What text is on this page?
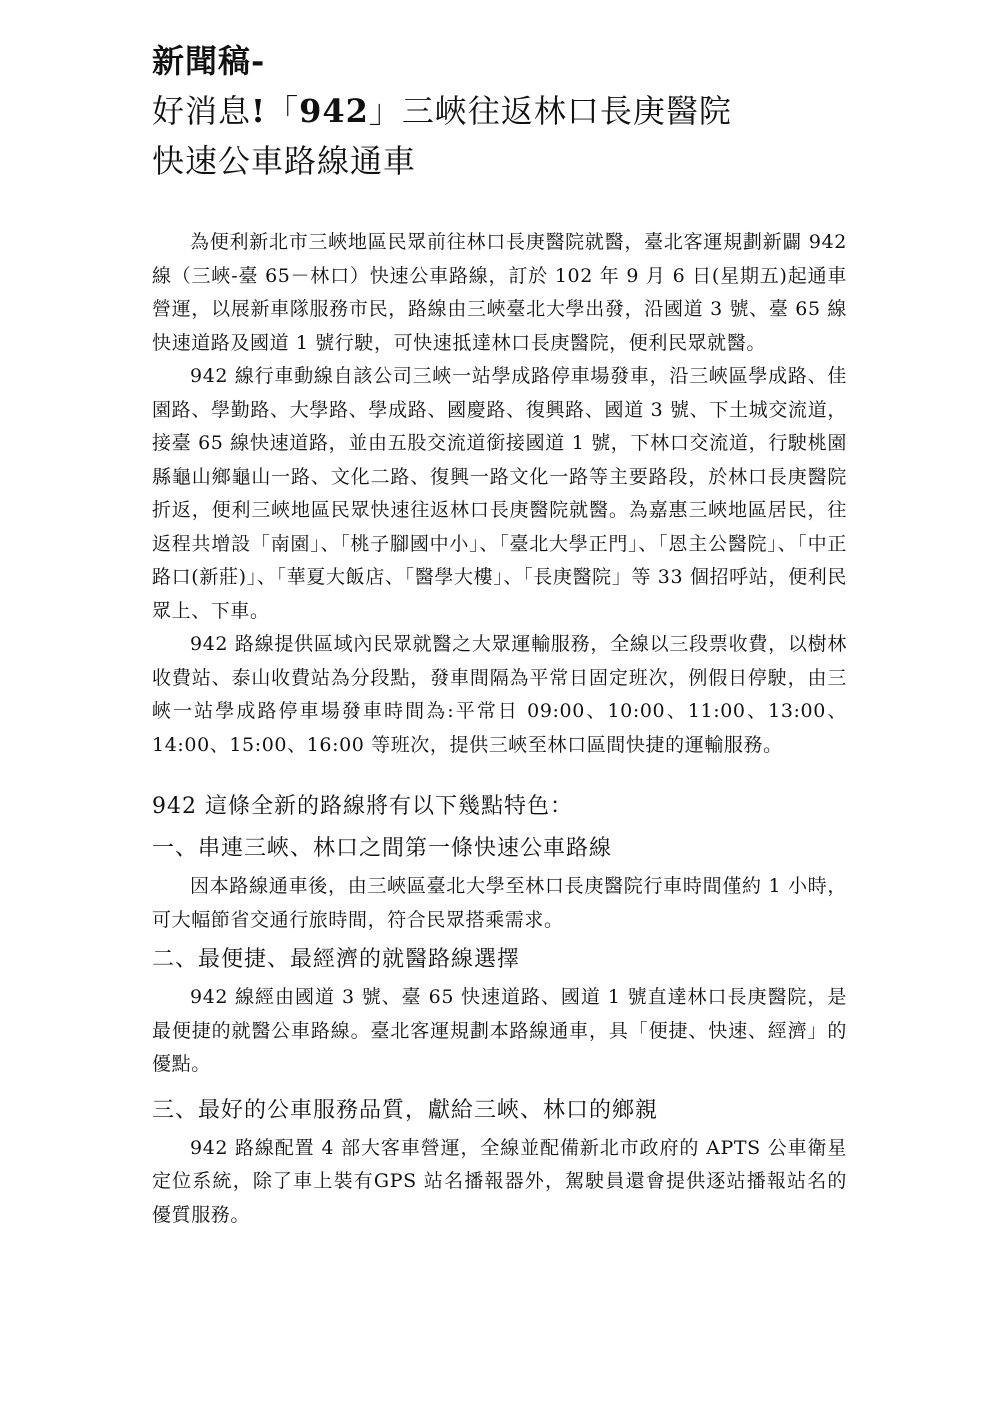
新聞稿-
好消息!「942」三峽往返林口長庚醫院
快速公車路線通車

為便利新北市三峽地區民眾前往林口長庚醫院就醫，臺北客運規劃新闢 942 線（三峽-臺 65－林口）快速公車路線，訂於 102 年 9 月 6 日(星期五)起通車營運，以展新車隊服務市民，路線由三峽臺北大學出發，沿國道 3 號、臺 65 線快速道路及國道 1 號行駛，可快速抵達林口長庚醫院，便利民眾就醫。

942 線行車動線自該公司三峽一站學成路停車場發車，沿三峽區學成路、佳園路、學勤路、大學路、學成路、國慶路、復興路、國道 3 號、下土城交流道，接臺 65 線快速道路，並由五股交流道銜接國道 1 號，下林口交流道，行駛桃園縣龜山鄉龜山一路、文化二路、復興一路文化一路等主要路段，於林口長庚醫院折返，便利三峽地區民眾快速往返林口長庚醫院就醫。為嘉惠三峽地區居民，往返程共增設「南園」、「桃子腳國中小」、「臺北大學正門」、「恩主公醫院」、「中正路口(新莊)」、「華夏大飯店、「醫學大樓」、「長庚醫院」等 33 個招呼站，便利民眾上、下車。

942 路線提供區域內民眾就醫之大眾運輸服務，全線以三段票收費，以樹林收費站、泰山收費站為分段點，發車間隔為平常日固定班次，例假日停駛，由三峽一站學成路停車場發車時間為:平常日 09:00、10:00、11:00、13:00、14:00、15:00、16:00 等班次，提供三峽至林口區間快捷的運輸服務。

942 這條全新的路線將有以下幾點特色：
一、串連三峽、林口之間第一條快速公車路線

因本路線通車後，由三峽區臺北大學至林口長庚醫院行車時間僅約 1 小時，可大幅節省交通行旅時間，符合民眾搭乘需求。

二、最便捷、最經濟的就醫路線選擇

942 線經由國道 3 號、臺 65 快速道路、國道 1 號直達林口長庚醫院，是最便捷的就醫公車路線。臺北客運規劃本路線通車，具「便捷、快速、經濟」的優點。

三、最好的公車服務品質，獻給三峽、林口的鄉親

942 路線配置 4 部大客車營運，全線並配備新北市政府的 APTS 公車衛星定位系統，除了車上裝有GPS 站名播報器外，駕駛員還會提供逐站播報站名的優質服務。
